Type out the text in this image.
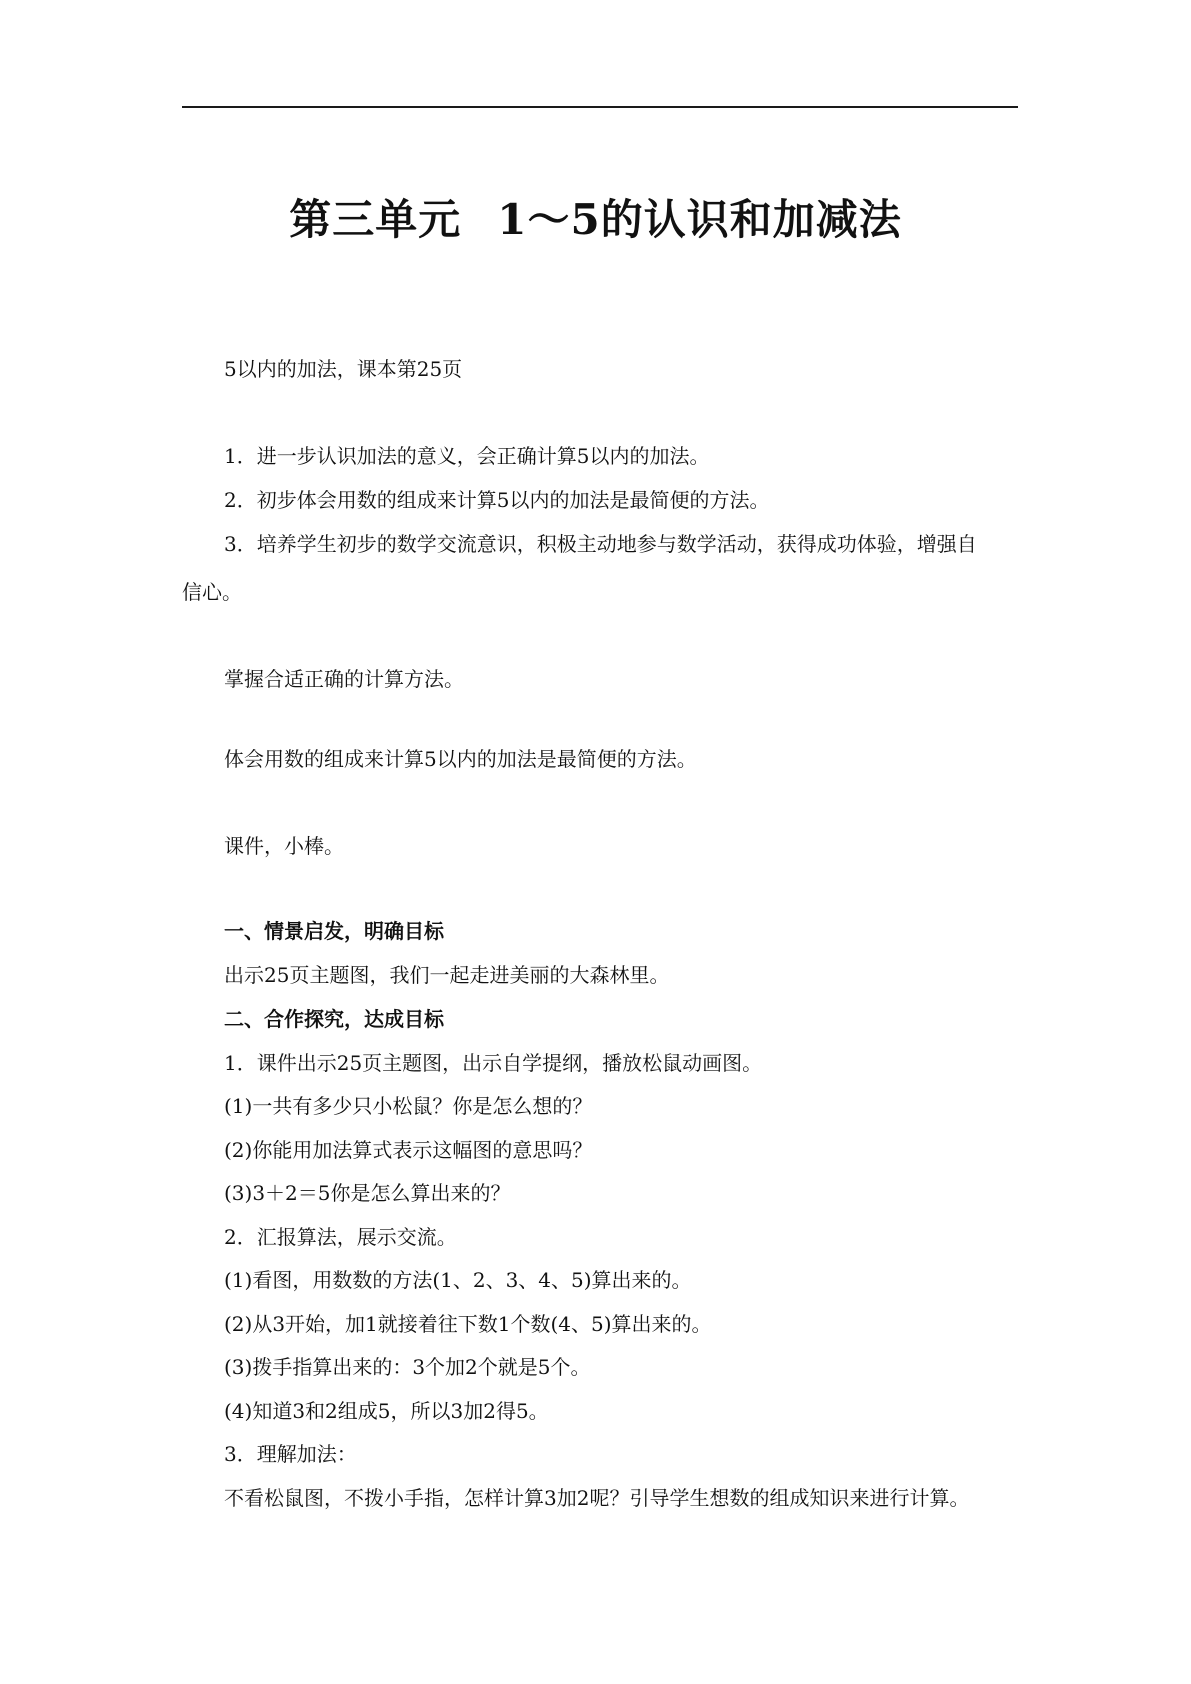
第三单元 1～5的认识和加减法

5以内的加法，课本第25页

1．进一步认识加法的意义，会正确计算5以内的加法。

2．初步体会用数的组成来计算5以内的加法是最简便的方法。

3．培养学生初步的数学交流意识，积极主动地参与数学活动，获得成功体验，增强自

信心。

掌握合适正确的计算方法。

体会用数的组成来计算5以内的加法是最简便的方法。

课件，小棒。

一、情景启发，明确目标

出示25页主题图，我们一起走进美丽的大森林里。

二、合作探究，达成目标

1．课件出示25页主题图，出示自学提纲，播放松鼠动画图。

(1)一共有多少只小松鼠？你是怎么想的？

(2)你能用加法算式表示这幅图的意思吗？

(3)3＋2＝5你是怎么算出来的？

2．汇报算法，展示交流。

(1)看图，用数数的方法(1、2、3、4、5)算出来的。

(2)从3开始，加1就接着往下数1个数(4、5)算出来的。

(3)拨手指算出来的：3个加2个就是5个。

(4)知道3和2组成5，所以3加2得5。

3．理解加法：

不看松鼠图，不拨小手指，怎样计算3加2呢？引导学生想数的组成知识来进行计算。
